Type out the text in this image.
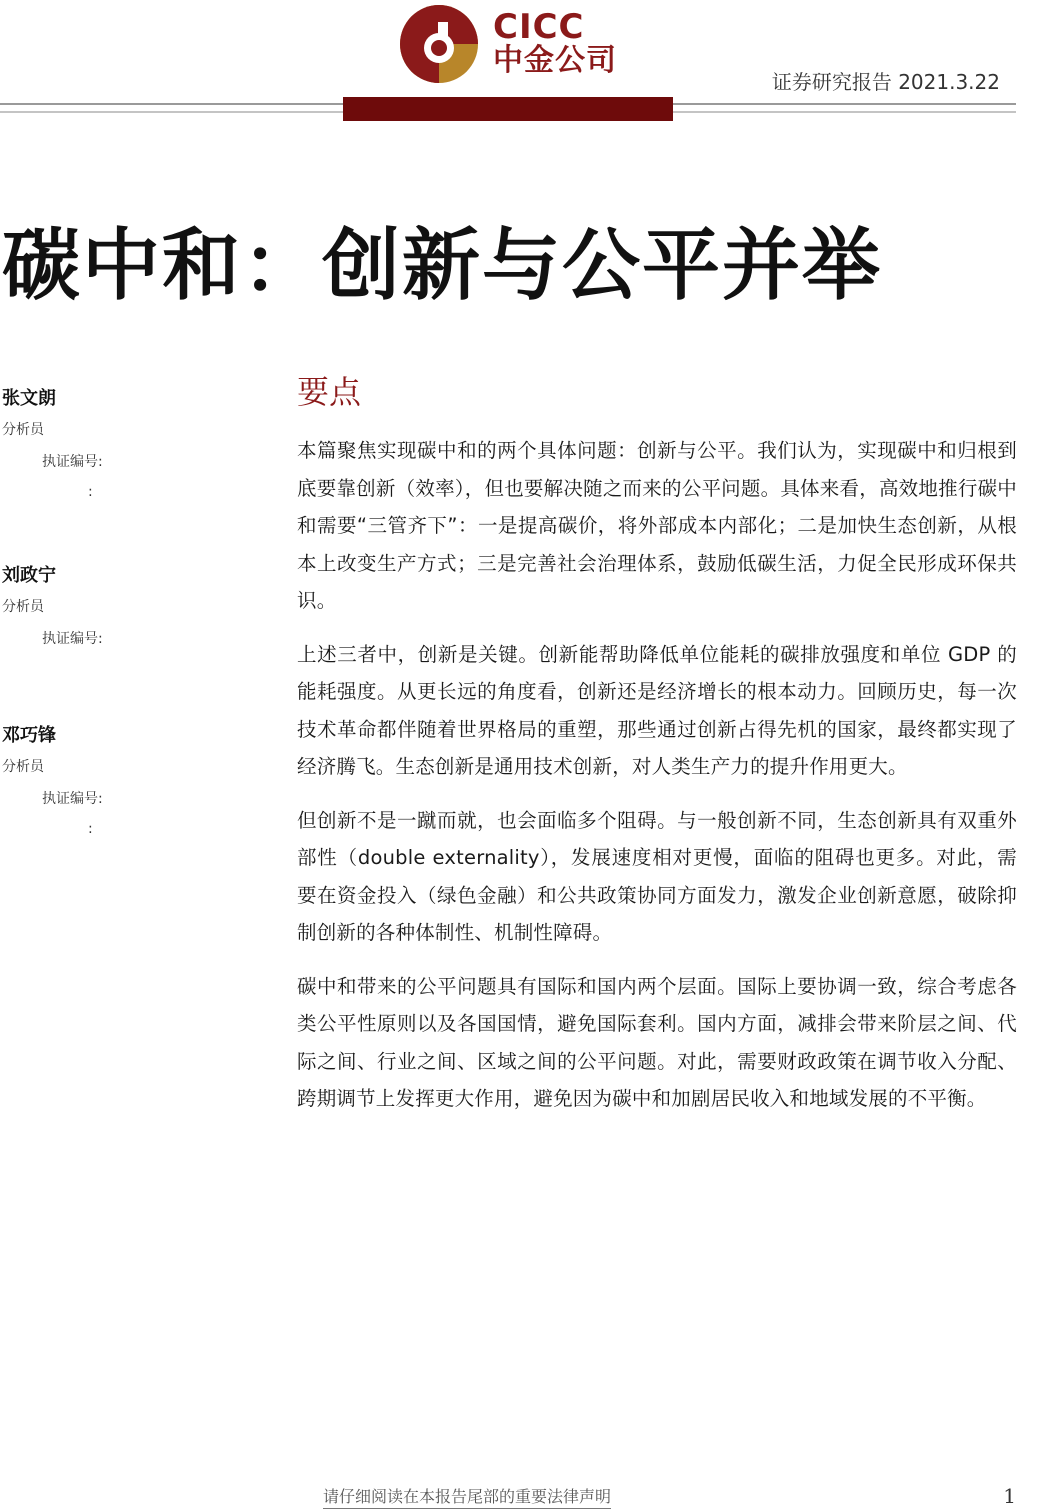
CICC
中金公司
证券研究报告 2021.3.22
碳中和：创新与公平并举
张文朗
分析员
执证编号:
:
刘政宁
分析员
执证编号:
邓巧锋
分析员
执证编号:
:
要点

本篇聚焦实现碳中和的两个具体问题：创新与公平。我们认为，实现碳中和归根到底要靠创新（效率），但也要解决随之而来的公平问题。具体来看，高效地推行碳中和需要“三管齐下”：一是提高碳价，将外部成本内部化；二是加快生态创新，从根本上改变生产方式；三是完善社会治理体系，鼓励低碳生活，力促全民形成环保共识。

上述三者中，创新是关键。创新能帮助降低单位能耗的碳排放强度和单位 GDP 的能耗强度。从更长远的角度看，创新还是经济增长的根本动力。回顾历史，每一次技术革命都伴随着世界格局的重塑，那些通过创新占得先机的国家，最终都实现了经济腾飞。生态创新是通用技术创新，对人类生产力的提升作用更大。

但创新不是一蹴而就，也会面临多个阻碍。与一般创新不同，生态创新具有双重外部性（double externality），发展速度相对更慢，面临的阻碍也更多。对此，需要在资金投入（绿色金融）和公共政策协同方面发力，激发企业创新意愿，破除抑制创新的各种体制性、机制性障碍。

碳中和带来的公平问题具有国际和国内两个层面。国际上要协调一致，综合考虑各类公平性原则以及各国国情，避免国际套利。国内方面，减排会带来阶层之间、代际之间、行业之间、区域之间的公平问题。对此，需要财政政策在调节收入分配、跨期调节上发挥更大作用，避免因为碳中和加剧居民收入和地域发展的不平衡。

请仔细阅读在本报告尾部的重要法律声明	1
